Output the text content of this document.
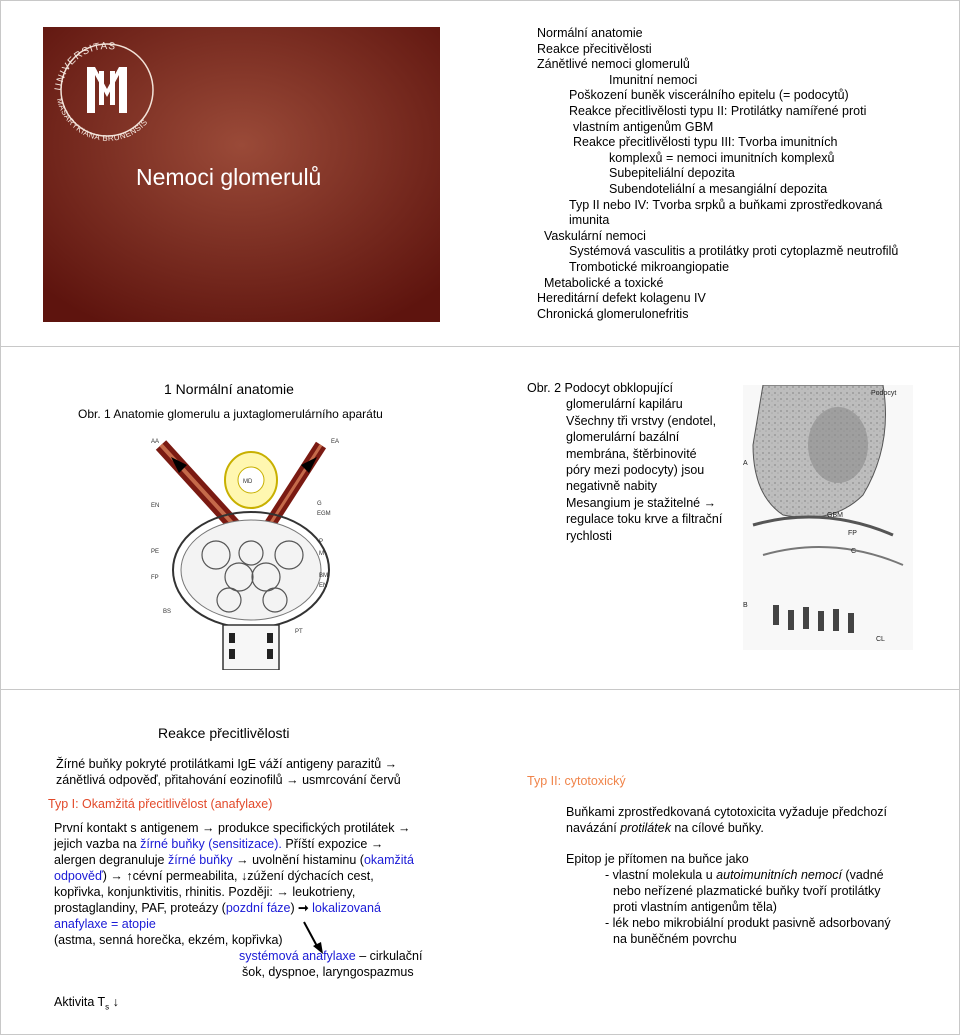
UNIVERSITAS
MASARYKIANA BRUNENSIS
Nemoci glomerulů
Normální anatomie
Reakce přecitivělosti
Zánětlivé nemoci glomerulů
Imunitní nemoci
Poškození buněk viscerálního epitelu (= podocytů)
Reakce přecitlivělosti typu II: Protilátky namířené proti
vlastním antigenům GBM
Reakce přecitlivělosti typu III: Tvorba imunitních
komplexů = nemoci imunitních komplexů
Subepiteliální depozita
Subendoteliální a mesangiální depozita
Typ II nebo IV: Tvorba srpků a buňkami zprostředkovaná
imunita
Vaskulární nemoci
Systémová vasculitis a protilátky proti cytoplazmě neutrofilů
Trombotické mikroangiopatie
Metabolické a toxické
Hereditární defekt kolagenu IV
Chronická glomerulonefritis
1 Normální anatomie
Obr. 1 Anatomie glomerulu a juxtaglomerulárního aparátu
AA	EA
MD
G
EGM
EN
PE
P
M
FP	BM
EN
BS
PT
Obr. 2 Podocyt obklopující
glomerulární kapiláru
Všechny tři vrstvy (endotel,
glomerulární bazální
membrána, štěrbinovité
póry mezi podocyty) jsou
negativně nabity
Mesangium je stažitelné →
regulace toku krve a filtrační
rychlosti
Podocyt
A
GBM
FP
C
B
CL
Reakce přecitlivělosti
Žírné buňky pokryté protilátkami IgE váží antigeny parazitů →
zánětlivá odpověď, přitahování eozinofilů → usmrcování červů
Typ I: Okamžitá přecitlivělost (anafylaxe)
První kontakt s antigenem → produkce specifických protilátek →
jejich vazba na žírné buňky (sensitizace). Příští expozice →
alergen degranuluje žírné buňky → uvolnění histaminu (okamžitá
odpověď) → ↑cévní permeabilita, ↓zúžení dýchacích cest,
kopřivka, konjunktivitis, rhinitis. Později: → leukotrieny,
prostaglandiny, PAF, proteázy (pozdní fáze) ➞ lokalizovaná
anafylaxe = atopie
(astma, senná horečka, ekzém, kopřivka)
systémová anafylaxe – cirkulační
šok, dyspnoe, laryngospazmus
Aktivita $T_s$ ↓
Typ II: cytotoxický
Buňkami zprostředkovaná cytotoxicita vyžaduje předchozí
navázání protilátek na cílové buňky.
Epitop je přítomen na buňce jako
- vlastní molekula u autoimunitních nemocí (vadné
nebo neřízené plazmatické buňky tvoří protilátky
proti vlastním antigenům těla)
- lék nebo mikrobiální produkt pasivně adsorbovaný
na buněčném povrchu
